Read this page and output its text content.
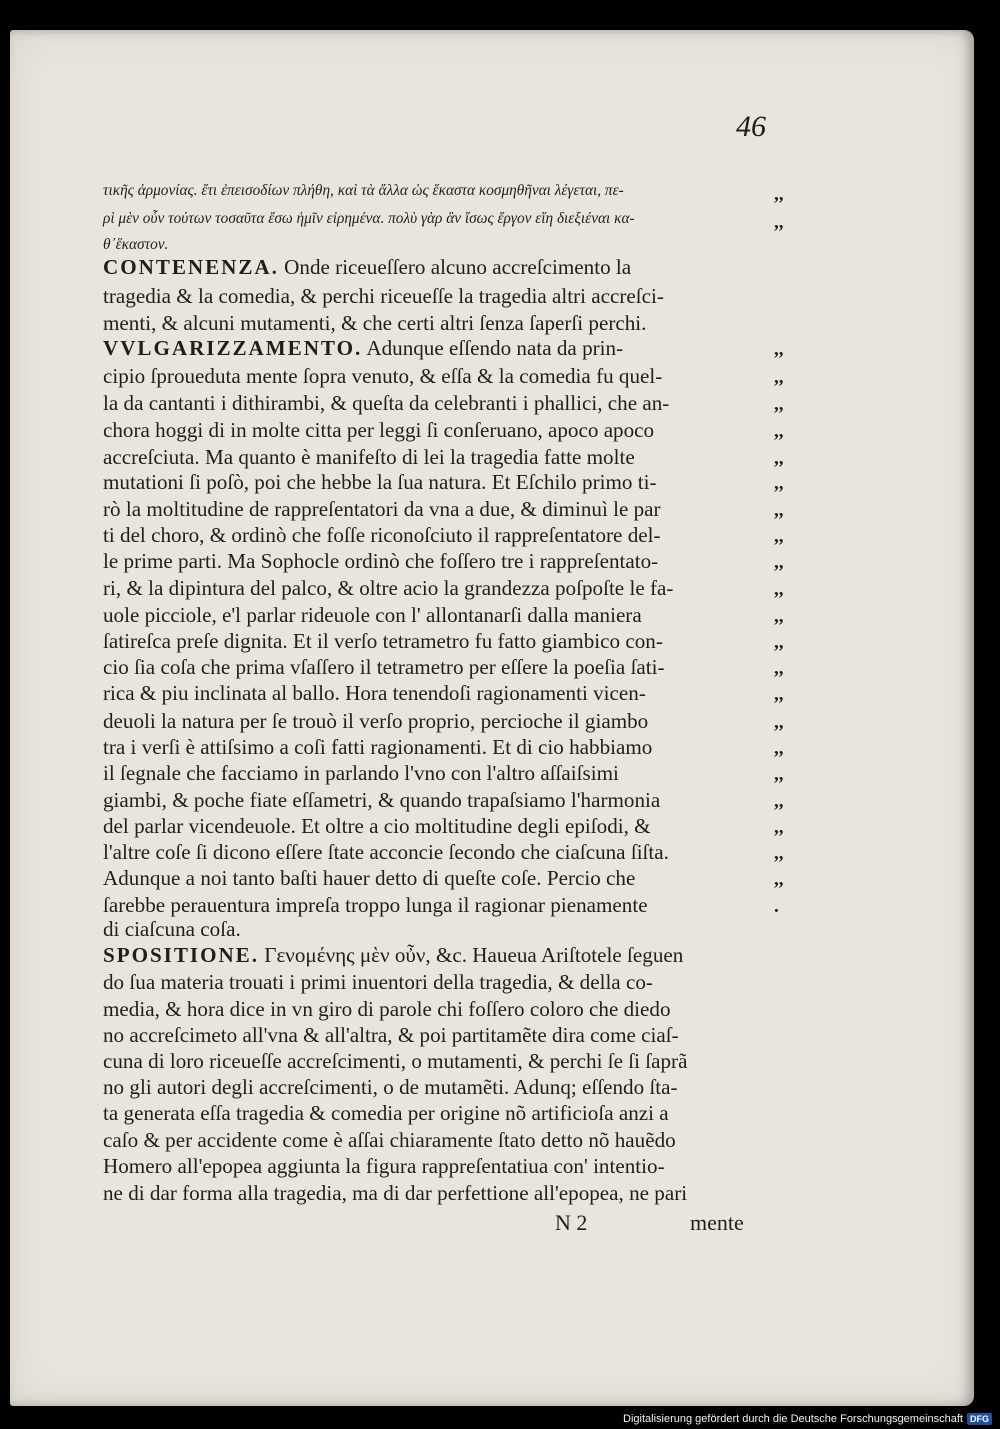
46
τικῆς ἁρμονίας. ἔτι ἐπεισοδίων πλήθη, καὶ τὰ ἄλλα ὡς ἕκαστα κοσμηθῆναι λέγεται, πε-	,,
ρὶ μὲν οὖν τούτων τοσαῦτα ἔσω ἡμῖν εἰρημένα. πολὺ γὰρ ἂν ἴσως ἔργον εἴη διεξιέναι κα-	,,
θ᾽ἕκαστον.
CONTENENZA. Onde riceueſſero alcuno accreſcimento la
tragedia & la comedia, & perchi riceueſſe la tragedia altri accreſci-
menti, & alcuni mutamenti, & che certi altri ſenza ſaperſi perchi.
VVLGARIZZAMENTO. Adunque eſſendo nata da prin-	,,
cipio ſproueduta mente ſopra venuto, & eſſa & la comedia fu quel-	,,
la da cantanti i dithirambi, & queſta da celebranti i phallici, che an-	,,
chora hoggi di in molte citta per leggi ſi conſeruano, apoco apoco	,,
accreſciuta. Ma quanto è manifeſto di lei la tragedia fatte molte	,,
mutationi ſi poſò, poi che hebbe la ſua natura. Et Eſchilo primo ti-	,,
rò la moltitudine de rappreſentatori da vna a due, & diminuì le par	,,
ti del choro, & ordinò che foſſe riconoſciuto il rappreſentatore del-	,,
le prime parti. Ma Sophocle ordinò che foſſero tre i rappreſentato-	,,
ri, & la dipintura del palco, & oltre acio la grandezza poſpoſte le fa-	,,
uole picciole, e'l parlar rideuole con l' allontanarſi dalla maniera	,,
ſatireſca preſe dignita. Et il verſo tetrametro fu fatto giambico con-	,,
cio ſia coſa che prima vſaſſero il tetrametro per eſſere la poeſia ſati-	,,
rica & piu inclinata al ballo. Hora tenendoſi ragionamenti vicen-	,,
deuoli la natura per ſe trouò il verſo proprio, percioche il giambo	,,
tra i verſi è attiſsimo a coſi fatti ragionamenti. Et di cio habbiamo	,,
il ſegnale che facciamo in parlando l'vno con l'altro aſſaiſsimi	,,
giambi, & poche fiate eſſametri, & quando trapaſsiamo l'harmonia	,,
del parlar vicendeuole. Et oltre a cio moltitudine degli epiſodi, &	,,
l'altre coſe ſi dicono eſſere ſtate acconcie ſecondo che ciaſcuna ſiſta.	,,
Adunque a noi tanto baſti hauer detto di queſte coſe. Percio che	,,
ſarebbe perauentura impreſa troppo lunga il ragionar pienamente	.
di ciaſcuna coſa.
SPOSITIONE. Γενομένης μὲν οὖν, &c. Haueua Ariſtotele ſeguen
do ſua materia trouati i primi inuentori della tragedia, & della co-
media, & hora dice in vn giro di parole chi foſſero coloro che diedo
no accreſcimeto all'vna & all'altra, & poi partitamẽte dira come ciaſ-
cuna di loro riceueſſe accreſcimenti, o mutamenti, & perchi ſe ſi ſaprã
no gli autori degli accreſcimenti, o de mutamẽti. Adunq; eſſendo ſta-
ta generata eſſa tragedia & comedia per origine nõ artificioſa anzi a
caſo & per accidente come è aſſai chiaramente ſtato detto nõ hauẽdo
Homero all'epopea aggiunta la figura rappreſentatiua con' intentio-
ne di dar forma alla tragedia, ma di dar perfettione all'epopea, ne pari
N 2	mente
Digitalisierung gefördert durch die Deutsche Forschungsgemeinschaft DFG
